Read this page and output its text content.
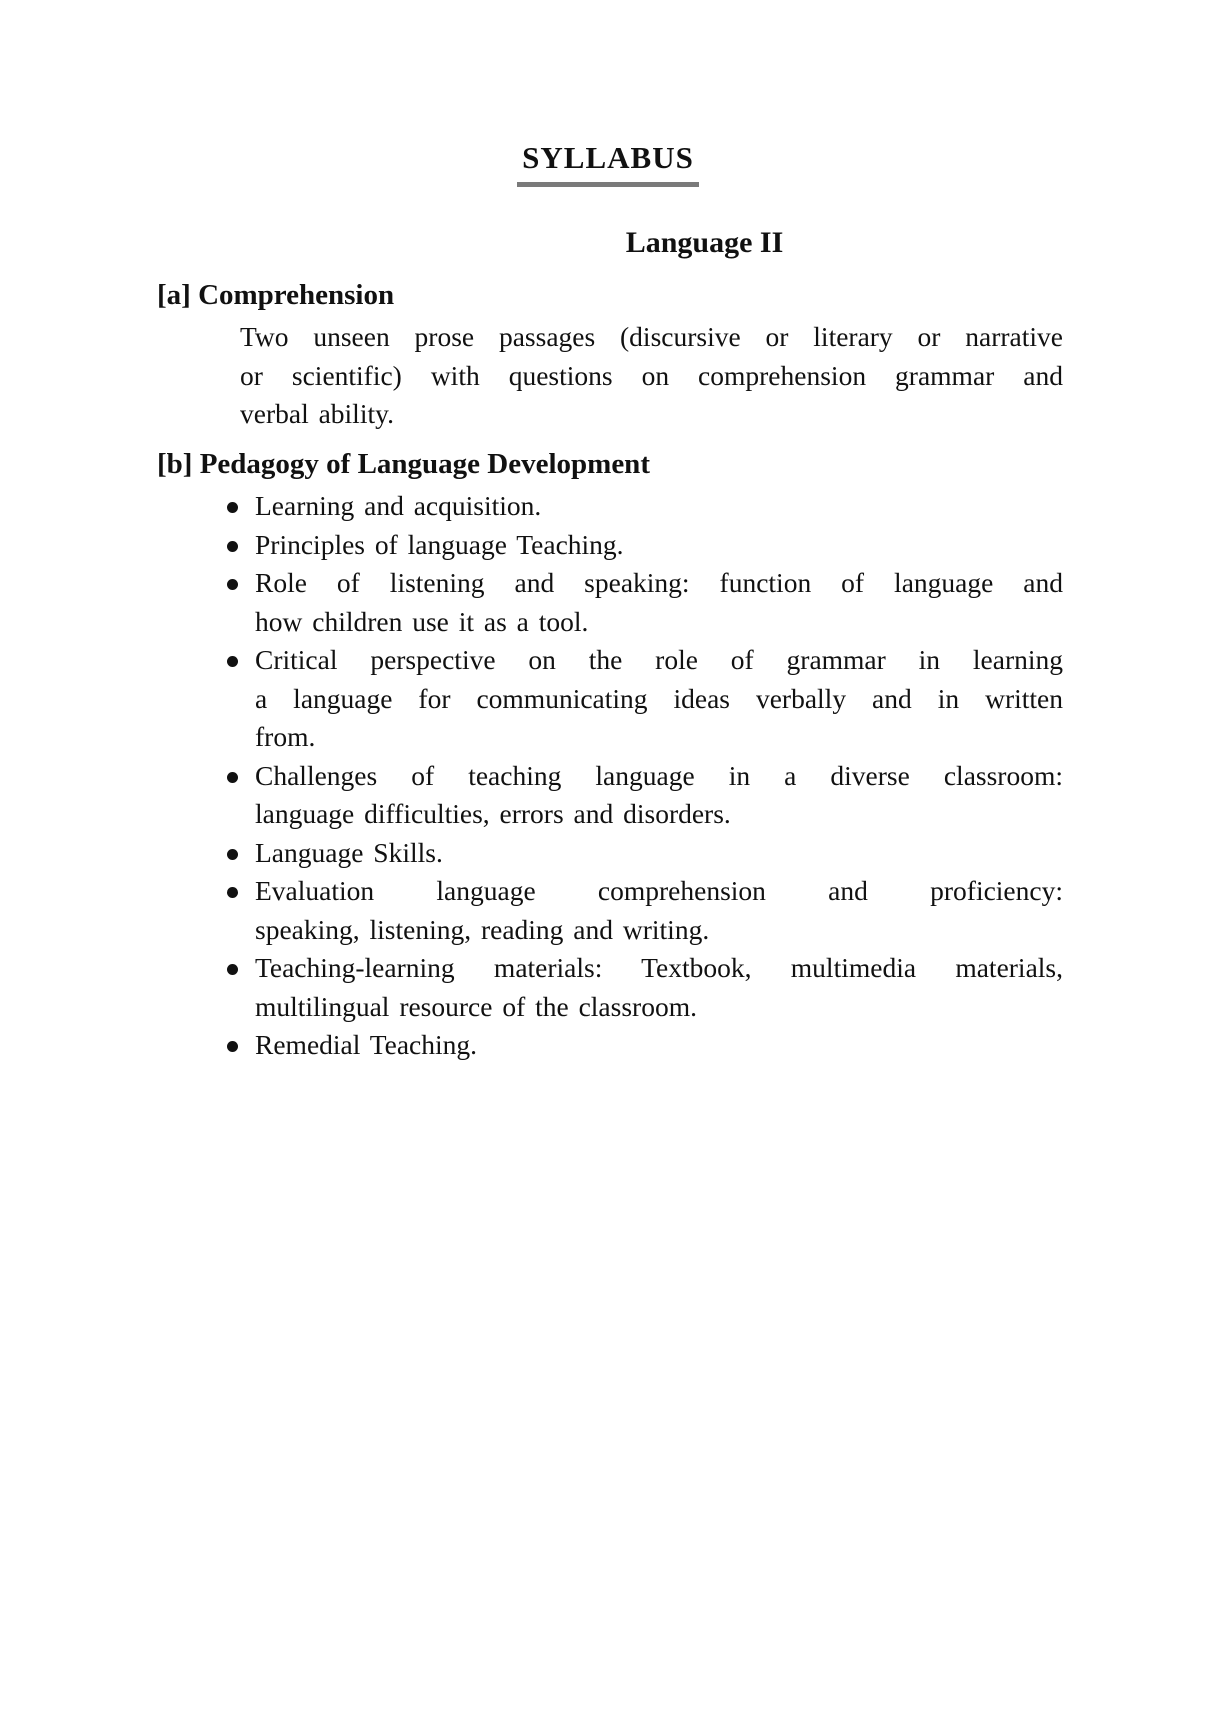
SYLLABUS
Language II
[a] Comprehension
Two unseen prose passages (discursive or literary or narrative
or scientific) with questions on comprehension grammar and
verbal ability.
[b] Pedagogy of Language Development
Learning and acquisition.
Principles of language Teaching.
Role of listening and speaking: function of language and
how children use it as a tool.
Critical perspective on the role of grammar in learning
a language for communicating ideas verbally and in written
from.
Challenges of teaching language in a diverse classroom:
language difficulties, errors and disorders.
Language Skills.
Evaluation language comprehension and proficiency:
speaking, listening, reading and writing.
Teaching-learning materials: Textbook, multimedia materials,
multilingual resource of the classroom.
Remedial Teaching.
